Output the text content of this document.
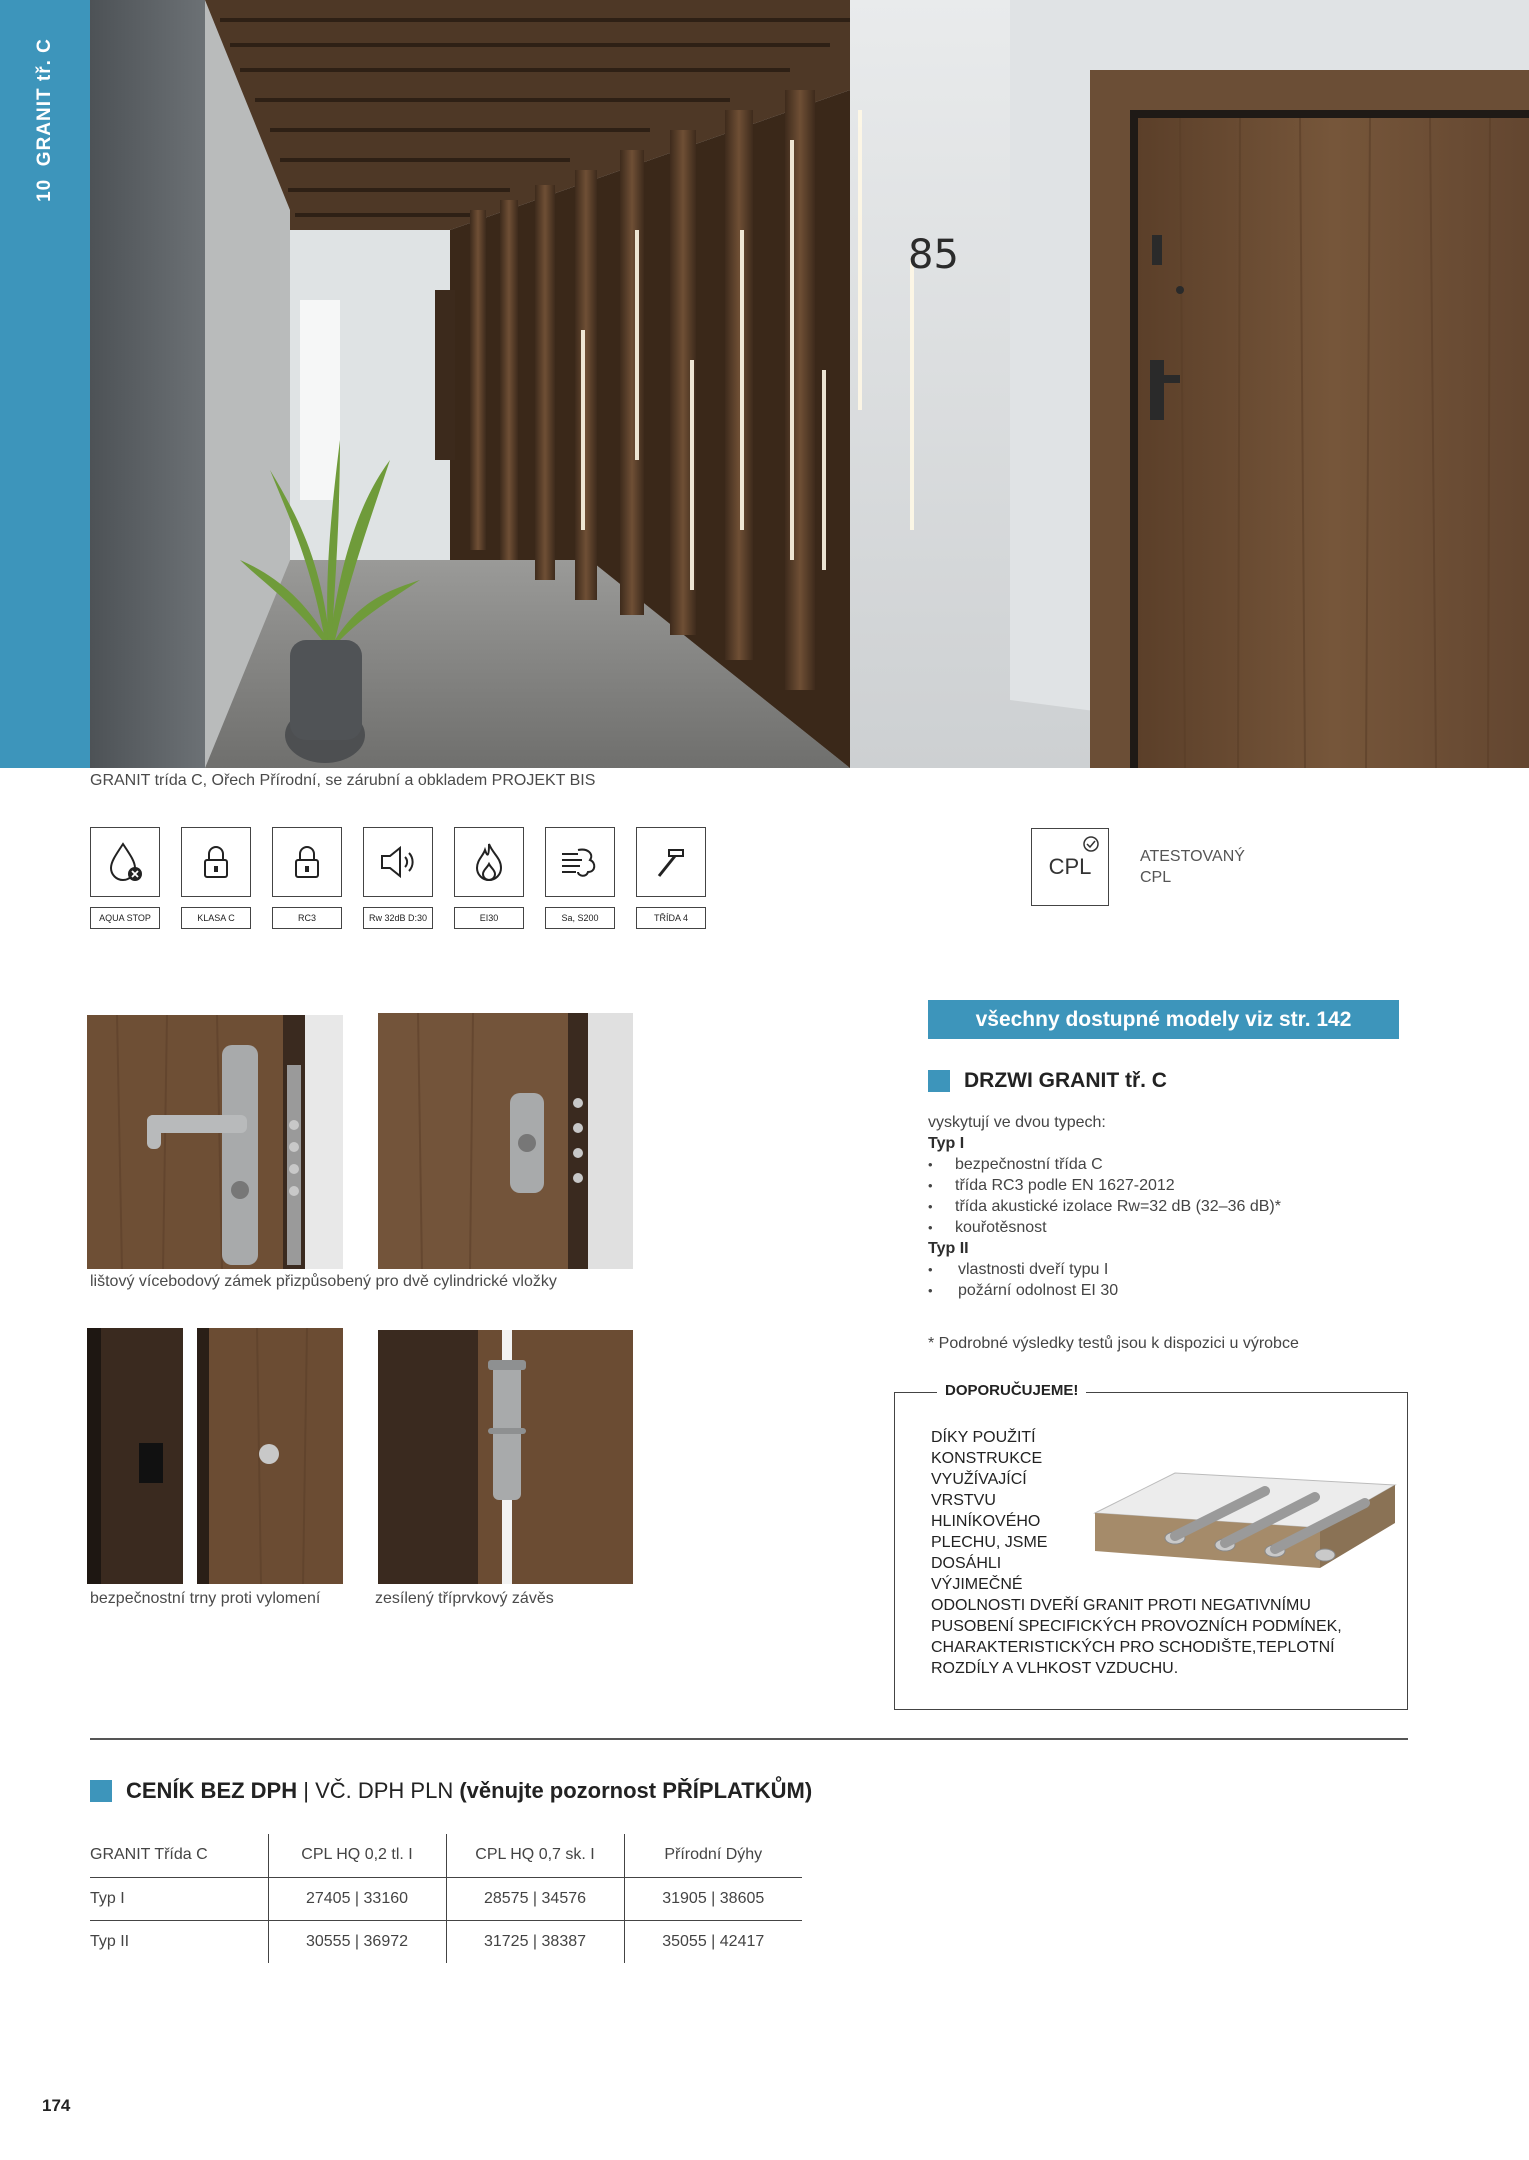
10  GRANIT tř. C
85
GRANIT trída C, Ořech Přírodní, se zárubní a obkladem PROJEKT BIS
AQUA STOP	KLASA C	RC3	Rw 32dB D:30	EI30	Sa, S200	TŘÍDA 4
CPL	ATESTOVANÝ
CPL
lištový vícebodový zámek přizpůsobený pro dvě cylindrické vložky
bezpečnostní trny proti vylomení	zesílený tříprvkový závěs
všechny dostupné modely viz str. 142
DRZWI GRANIT tř. C
vyskytují ve dvou typech:
Typ I
• bezpečnostní třída C
• třída RC3 podle EN 1627-2012
• třída akustické izolace Rw=32 dB (32–36 dB)*
• kouřotěsnost
Typ II
• vlastnosti dveří typu I
• požární odolnost EI 30
* Podrobné výsledky testů jsou k dispozici u výrobce
DOPORUČUJEME!
DÍKY POUŽITÍ
KONSTRUKCE
VYUŽÍVAJÍCÍ
VRSTVU
HLINÍKOVÉHO
PLECHU, JSME
DOSÁHLI
VÝJIMEČNÉ
ODOLNOSTI DVEŘÍ GRANIT PROTI NEGATIVNÍMU
PUSOBENÍ SPECIFICKÝCH PROVOZNÍCH PODMÍNEK,
CHARAKTERISTICKÝCH PRO SCHODIŠTE,TEPLOTNÍ
ROZDÍLY A VLHKOST VZDUCHU.
CENÍK BEZ DPH | VČ. DPH PLN (věnujte pozornost PŘÍPLATKŮM)
GRANIT Třída C	CPL HQ 0,2 tl. I	CPL HQ 0,7 sk. I	Přírodní Dýhy
Typ I	27405 | 33160	28575 | 34576	31905 | 38605
Typ II	30555 | 36972	31725 | 38387	35055 | 42417
174
